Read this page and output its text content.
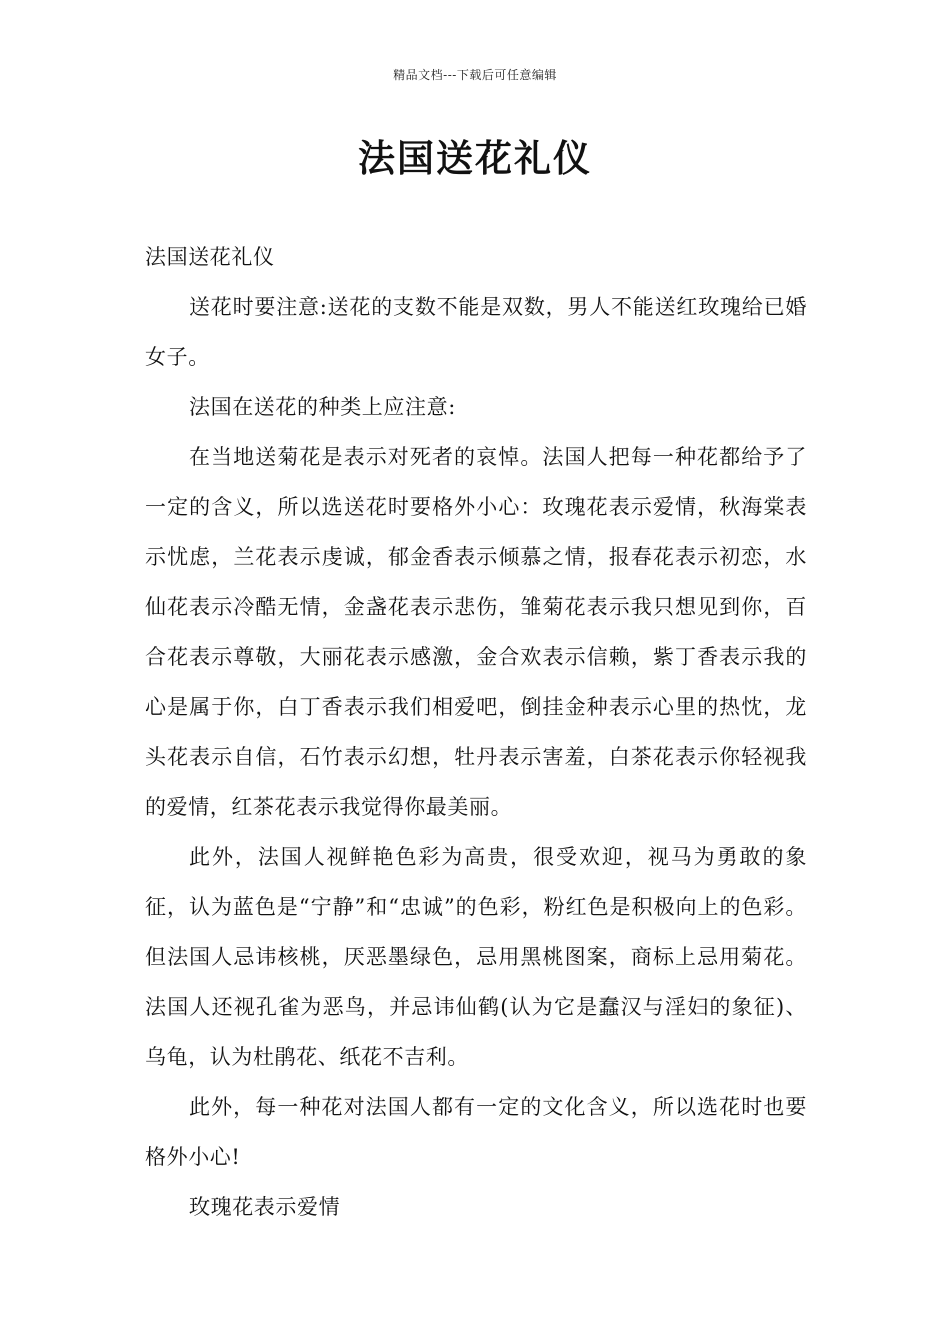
精品文档---下载后可任意编辑
法国送花礼仪

法国送花礼仪

送花时要注意:送花的支数不能是双数，男人不能送红玫瑰给已婚女子。

法国在送花的种类上应注意:

在当地送菊花是表示对死者的哀悼。法国人把每一种花都给予了一定的含义，所以选送花时要格外小心：玫瑰花表示爱情，秋海棠表示忧虑，兰花表示虔诚，郁金香表示倾慕之情，报春花表示初恋，水仙花表示冷酷无情，金盏花表示悲伤，雏菊花表示我只想见到你，百合花表示尊敬，大丽花表示感激，金合欢表示信赖，紫丁香表示我的心是属于你，白丁香表示我们相爱吧，倒挂金种表示心里的热忱，龙头花表示自信，石竹表示幻想，牡丹表示害羞，白茶花表示你轻视我的爱情，红茶花表示我觉得你最美丽。

此外，法国人视鲜艳色彩为高贵，很受欢迎，视马为勇敢的象征，认为蓝色是“宁静”和“忠诚”的色彩，粉红色是积极向上的色彩。但法国人忌讳核桃，厌恶墨绿色，忌用黑桃图案，商标上忌用菊花。法国人还视孔雀为恶鸟，并忌讳仙鹤(认为它是蠢汉与淫妇的象征)、乌龟，认为杜鹃花、纸花不吉利。

此外，每一种花对法国人都有一定的文化含义，所以选花时也要格外小心!

玫瑰花表示爱情
